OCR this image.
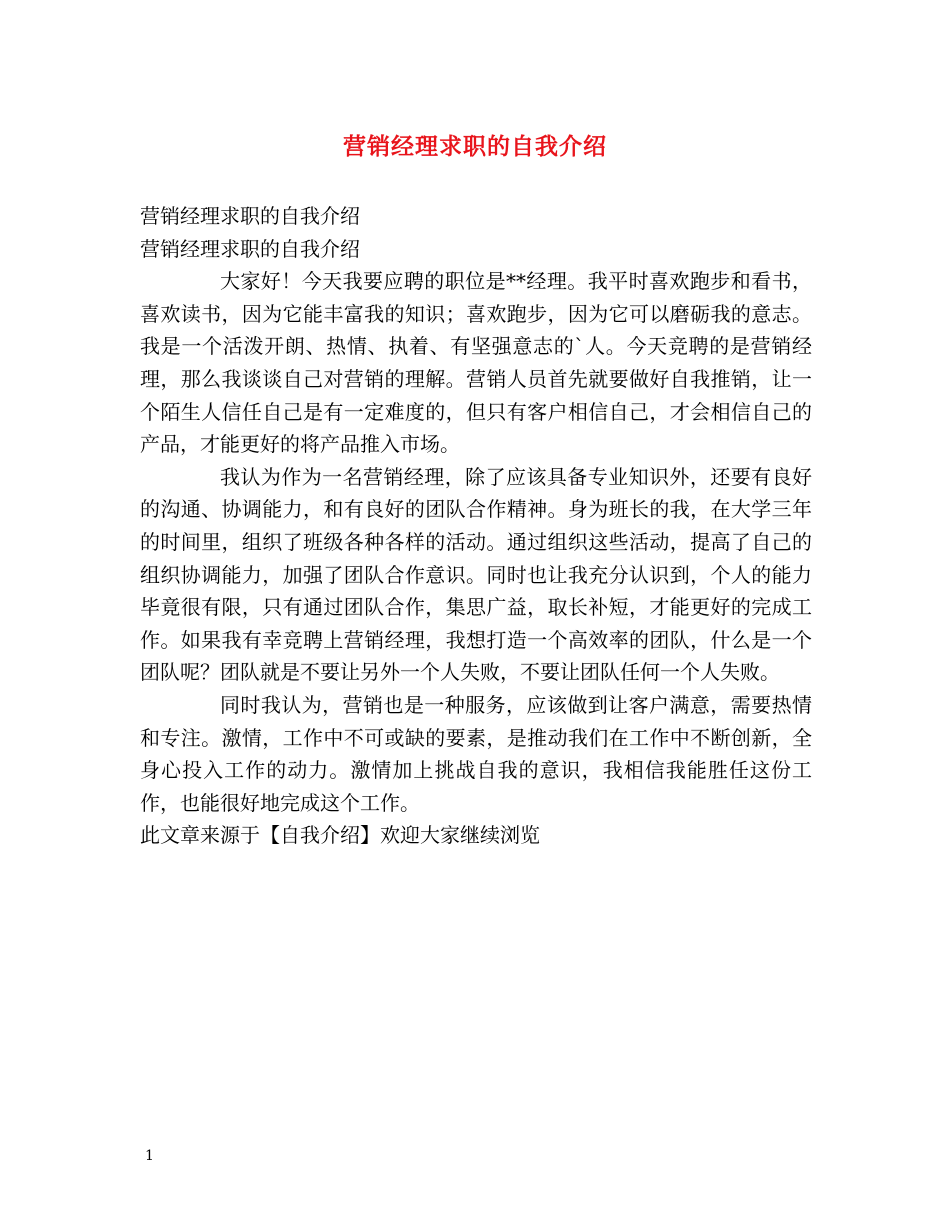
营销经理求职的自我介绍

营销经理求职的自我介绍

营销经理求职的自我介绍

大家好！今天我要应聘的职位是**经理。我平时喜欢跑步和看书，喜欢读书，因为它能丰富我的知识；喜欢跑步，因为它可以磨砺我的意志。我是一个活泼开朗、热情、执着、有坚强意志的`人。今天竞聘的是营销经理，那么我谈谈自己对营销的理解。营销人员首先就要做好自我推销，让一个陌生人信任自己是有一定难度的，但只有客户相信自己，才会相信自己的产品，才能更好的将产品推入市场。

我认为作为一名营销经理，除了应该具备专业知识外，还要有良好的沟通、协调能力，和有良好的团队合作精神。身为班长的我，在大学三年的时间里，组织了班级各种各样的活动。通过组织这些活动，提高了自己的组织协调能力，加强了团队合作意识。同时也让我充分认识到，个人的能力毕竟很有限，只有通过团队合作，集思广益，取长补短，才能更好的完成工作。如果我有幸竞聘上营销经理，我想打造一个高效率的团队，什么是一个团队呢？团队就是不要让另外一个人失败，不要让团队任何一个人失败。

同时我认为，营销也是一种服务，应该做到让客户满意，需要热情和专注。激情，工作中不可或缺的要素，是推动我们在工作中不断创新，全身心投入工作的动力。激情加上挑战自我的意识，我相信我能胜任这份工作，也能很好地完成这个工作。

此文章来源于【自我介绍】欢迎大家继续浏览

1
